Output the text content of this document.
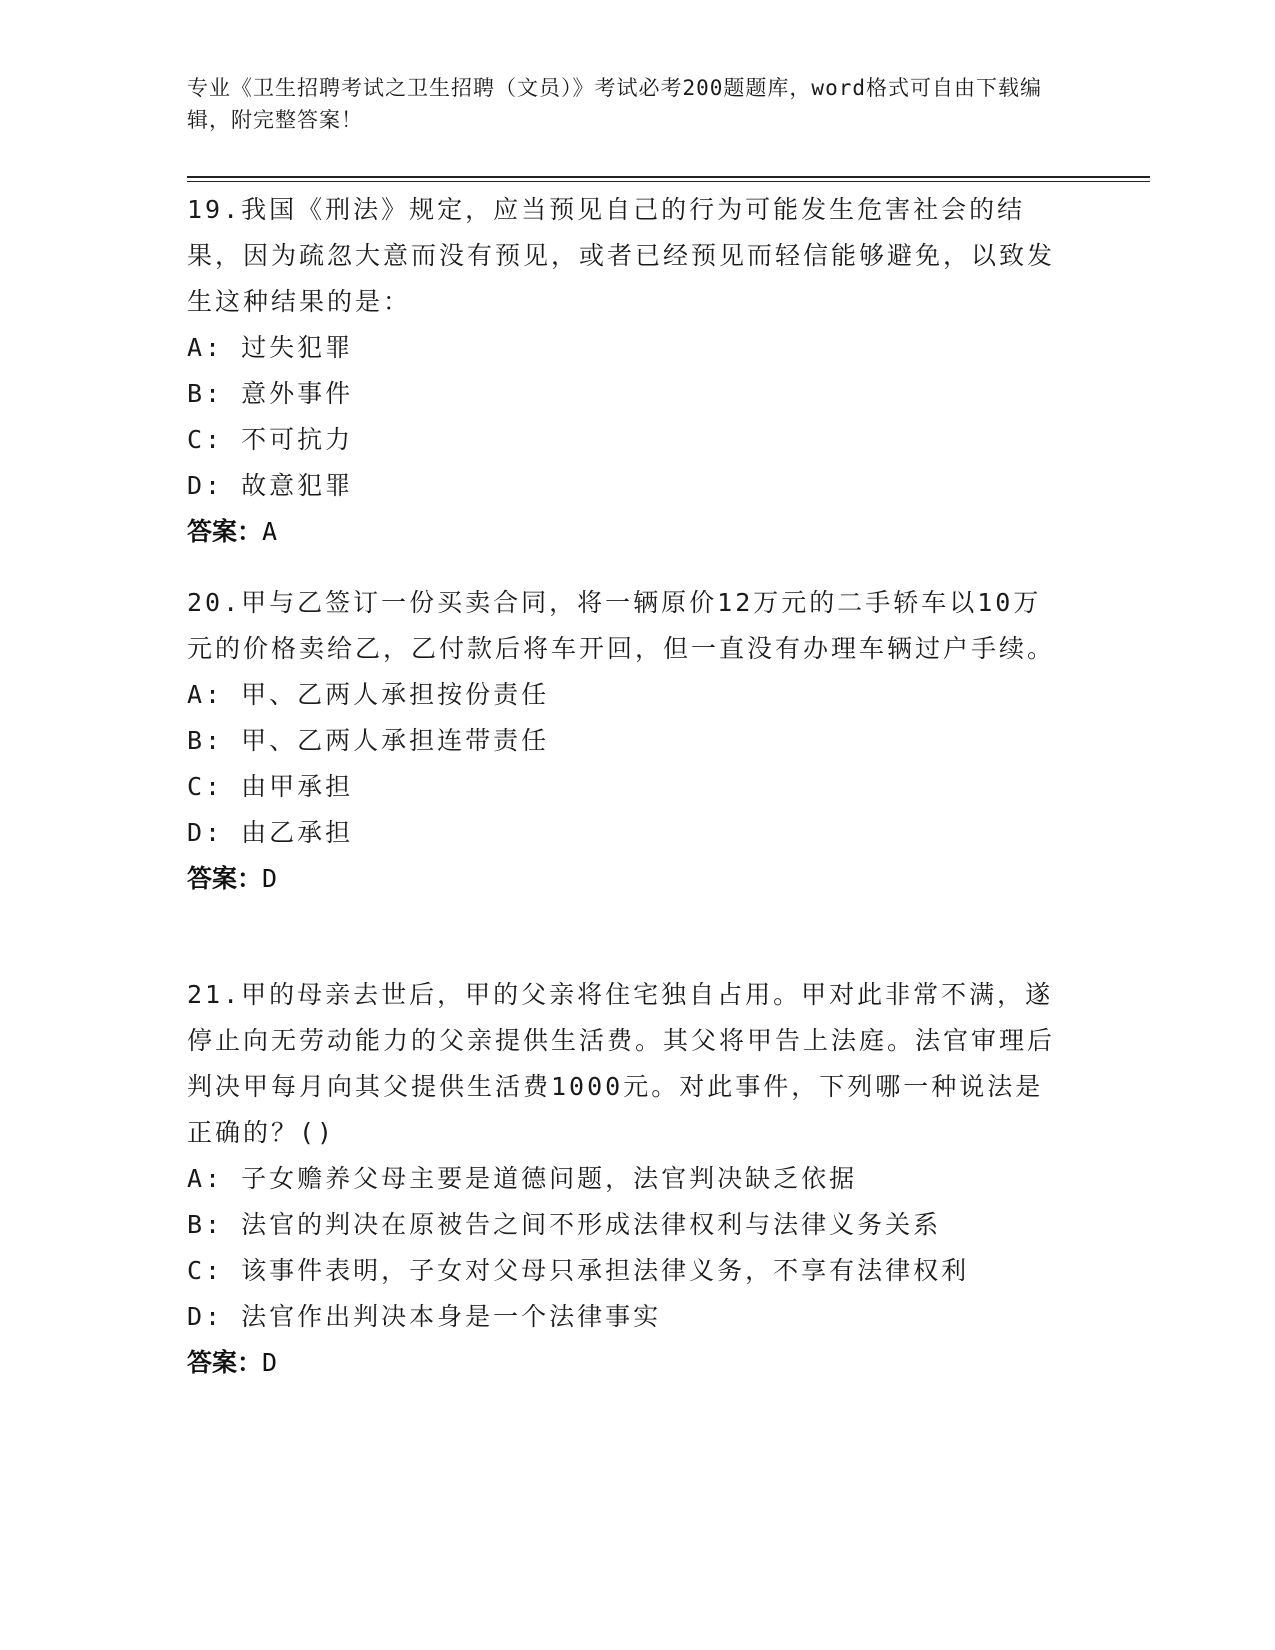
专业《卫生招聘考试之卫生招聘（文员）》考试必考200题题库，word格式可自由下载编辑，附完整答案！

19.我国《刑法》规定，应当预见自己的行为可能发生危害社会的结果，因为疏忽大意而没有预见，或者已经预见而轻信能够避免，以致发生这种结果的是：

A: 过失犯罪

B: 意外事件

C: 不可抗力

D: 故意犯罪

答案：A

20.甲与乙签订一份买卖合同，将一辆原价12万元的二手轿车以10万元的价格卖给乙，乙付款后将车开回，但一直没有办理车辆过户手续。

A: 甲、乙两人承担按份责任

B: 甲、乙两人承担连带责任

C: 由甲承担

D: 由乙承担

答案：D

21.甲的母亲去世后，甲的父亲将住宅独自占用。甲对此非常不满，遂停止向无劳动能力的父亲提供生活费。其父将甲告上法庭。法官审理后判决甲每月向其父提供生活费1000元。对此事件，下列哪一种说法是正确的？()

A: 子女赡养父母主要是道德问题，法官判决缺乏依据

B: 法官的判决在原被告之间不形成法律权利与法律义务关系

C: 该事件表明，子女对父母只承担法律义务，不享有法律权利

D: 法官作出判决本身是一个法律事实

答案：D
